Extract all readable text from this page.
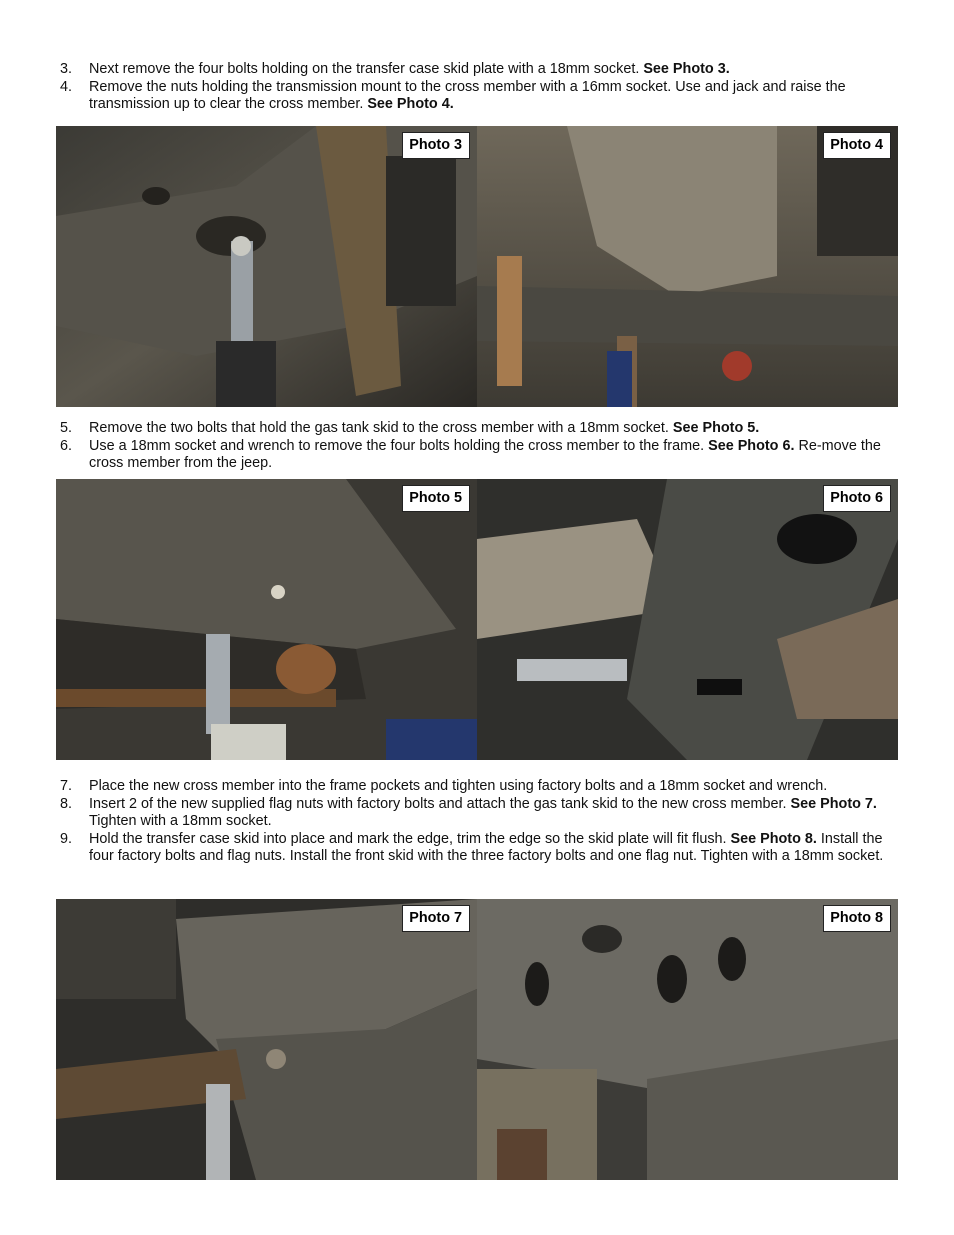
3. Next remove the four bolts holding on the transfer case skid plate with a 18mm socket. See Photo 3.
4. Remove the nuts holding the transmission mount to the cross member with a 16mm socket. Use and jack and raise the transmission up to clear the cross member. See Photo 4.
Photo 3	Photo 4
5. Remove the two bolts that hold the gas tank skid to the cross member with a 18mm socket. See Photo 5.
6. Use a 18mm socket and wrench to remove the four bolts holding the cross member to the frame. See Photo 6. Re-move the cross member from the jeep.
Photo 5	Photo 6
7. Place the new cross member into the frame pockets and tighten using factory bolts and a 18mm socket and wrench.
8. Insert 2 of the new supplied flag nuts with factory bolts and attach the gas tank skid to the new cross member. See Photo 7. Tighten with a 18mm socket.
9. Hold the transfer case skid into place and mark the edge, trim the edge so the skid plate will fit flush. See Photo 8. Install the four factory bolts and flag nuts. Install the front skid with the three factory bolts and one flag nut. Tighten with a 18mm socket.
Photo 7	Photo 8
